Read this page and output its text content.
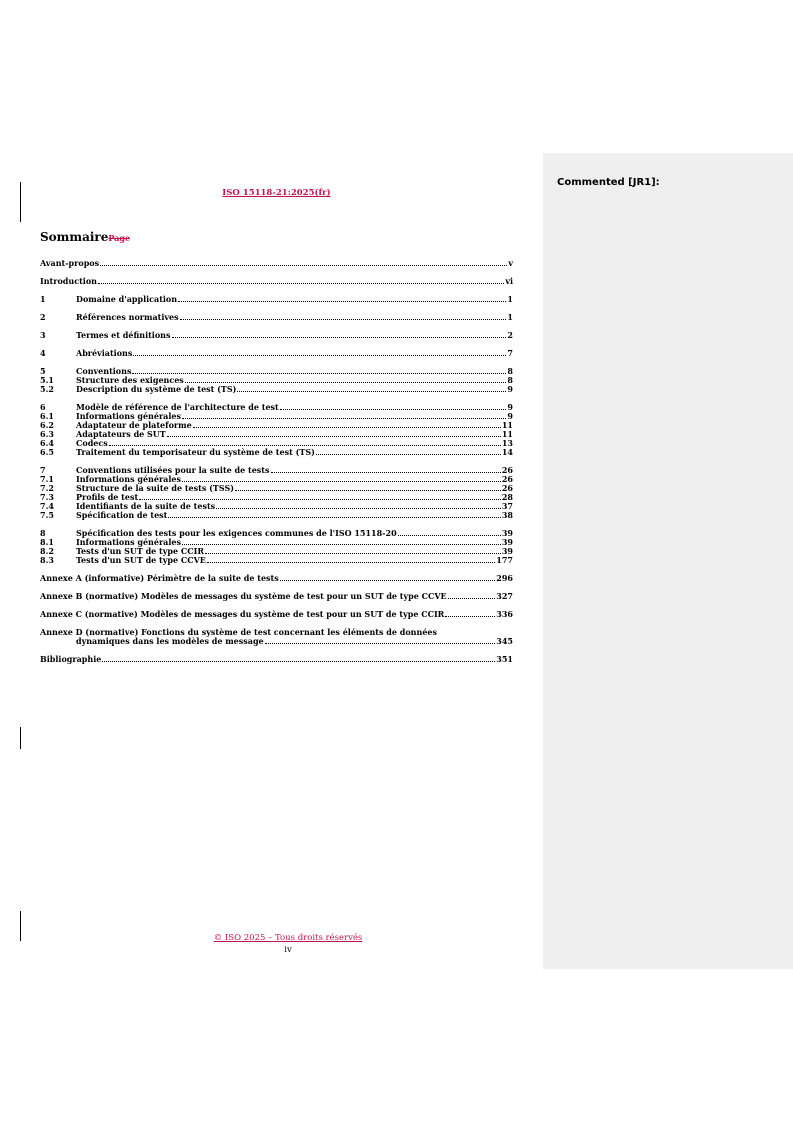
Commented [JR1]:
ISO 15118-21:2025(fr)
SommairePage
Avant-propos	v
Introduction	vi
1	Domaine d'application	1
2	Références normatives	1
3	Termes et définitions	2
4	Abréviations	7
5	Conventions	8
5.1	Structure des exigences	8
5.2	Description du système de test (TS)	9
6	Modèle de référence de l'architecture de test	9
6.1	Informations générales	9
6.2	Adaptateur de plateforme	11
6.3	Adaptateurs de SUT	11
6.4	Codecs	13
6.5	Traitement du temporisateur du système de test (TS)	14
7	Conventions utilisées pour la suite de tests	26
7.1	Informations générales	26
7.2	Structure de la suite de tests (TSS)	26
7.3	Profils de test	28
7.4	Identifiants de la suite de tests	37
7.5	Spécification de test	38
8	Spécification des tests pour les exigences communes de l'ISO 15118-20	39
8.1	Informations générales	39
8.2	Tests d'un SUT de type CCIR	39
8.3	Tests d'un SUT de type CCVE	177
Annexe A (informative) Périmètre de la suite de tests	296
Annexe B (normative) Modèles de messages du système de test pour un SUT de type CCVE	327
Annexe C (normative) Modèles de messages du système de test pour un SUT de type CCIR	336
Annexe D (normative) Fonctions du système de test concernant les éléments de données
dynamiques dans les modèles de message	345
Bibliographie	351
© ISO 2025 – Tous droits réservés
iv
